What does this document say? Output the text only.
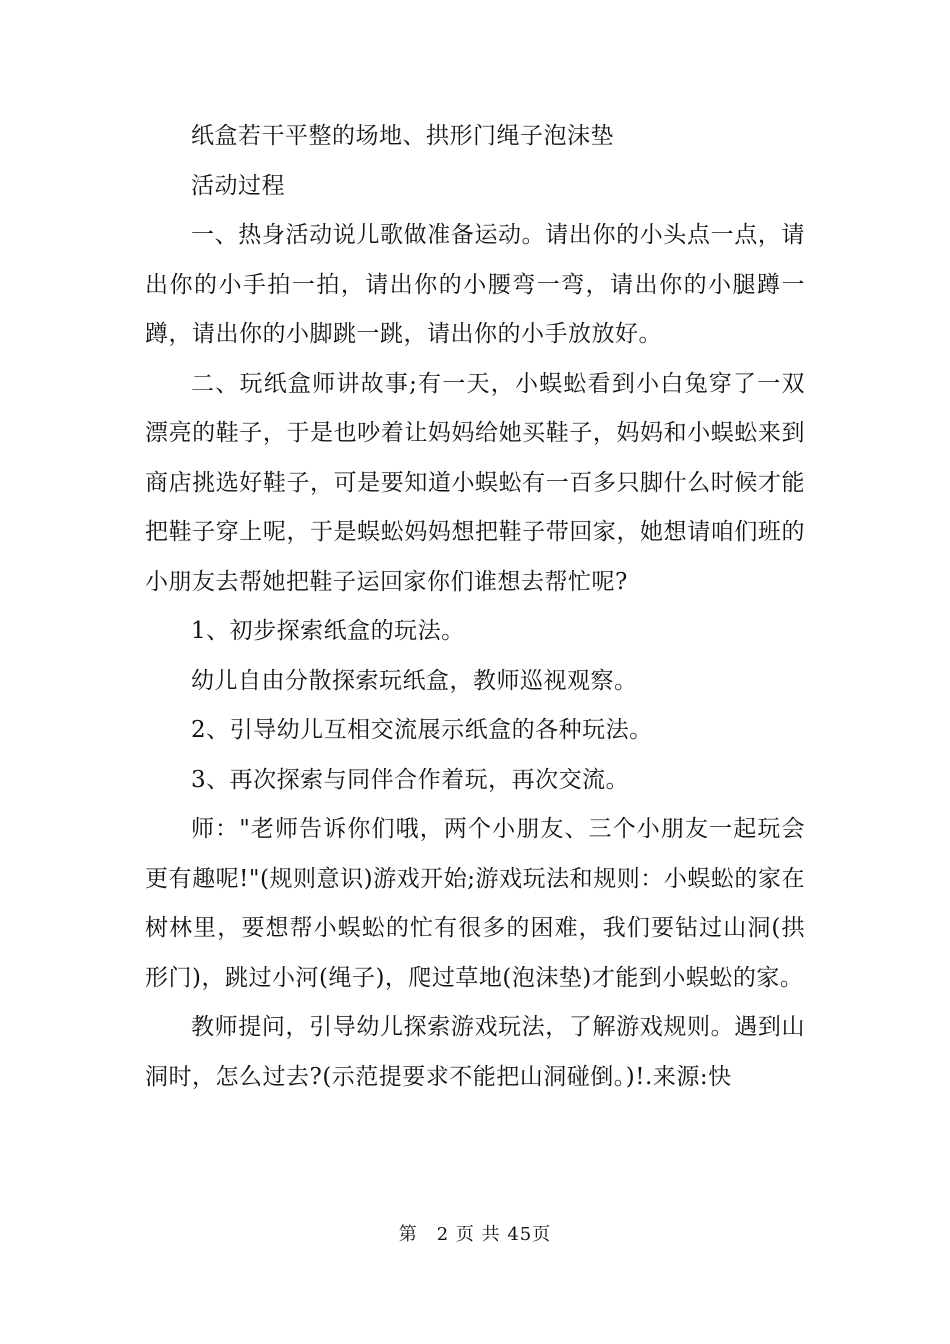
纸盒若干平整的场地、拱形门绳子泡沫垫

活动过程

一、热身活动说儿歌做准备运动。请出你的小头点一点，请出你的小手拍一拍，请出你的小腰弯一弯，请出你的小腿蹲一蹲，请出你的小脚跳一跳，请出你的小手放放好。

二、玩纸盒师讲故事;有一天，小蜈蚣看到小白兔穿了一双漂亮的鞋子，于是也吵着让妈妈给她买鞋子，妈妈和小蜈蚣来到商店挑选好鞋子，可是要知道小蜈蚣有一百多只脚什么时候才能把鞋子穿上呢，于是蜈蚣妈妈想把鞋子带回家，她想请咱们班的小朋友去帮她把鞋子运回家你们谁想去帮忙呢?

1、初步探索纸盒的玩法。

幼儿自由分散探索玩纸盒，教师巡视观察。

2、引导幼儿互相交流展示纸盒的各种玩法。

3、再次探索与同伴合作着玩，再次交流。

师："老师告诉你们哦，两个小朋友、三个小朋友一起玩会更有趣呢!"(规则意识)游戏开始;游戏玩法和规则：小蜈蚣的家在树林里，要想帮小蜈蚣的忙有很多的困难，我们要钻过山洞(拱形门)，跳过小河(绳子)，爬过草地(泡沫垫)才能到小蜈蚣的家。

教师提问，引导幼儿探索游戏玩法，了解游戏规则。遇到山洞时，怎么过去?(示范提要求不能把山洞碰倒。)!.来源:快

第　2 页 共 45页
